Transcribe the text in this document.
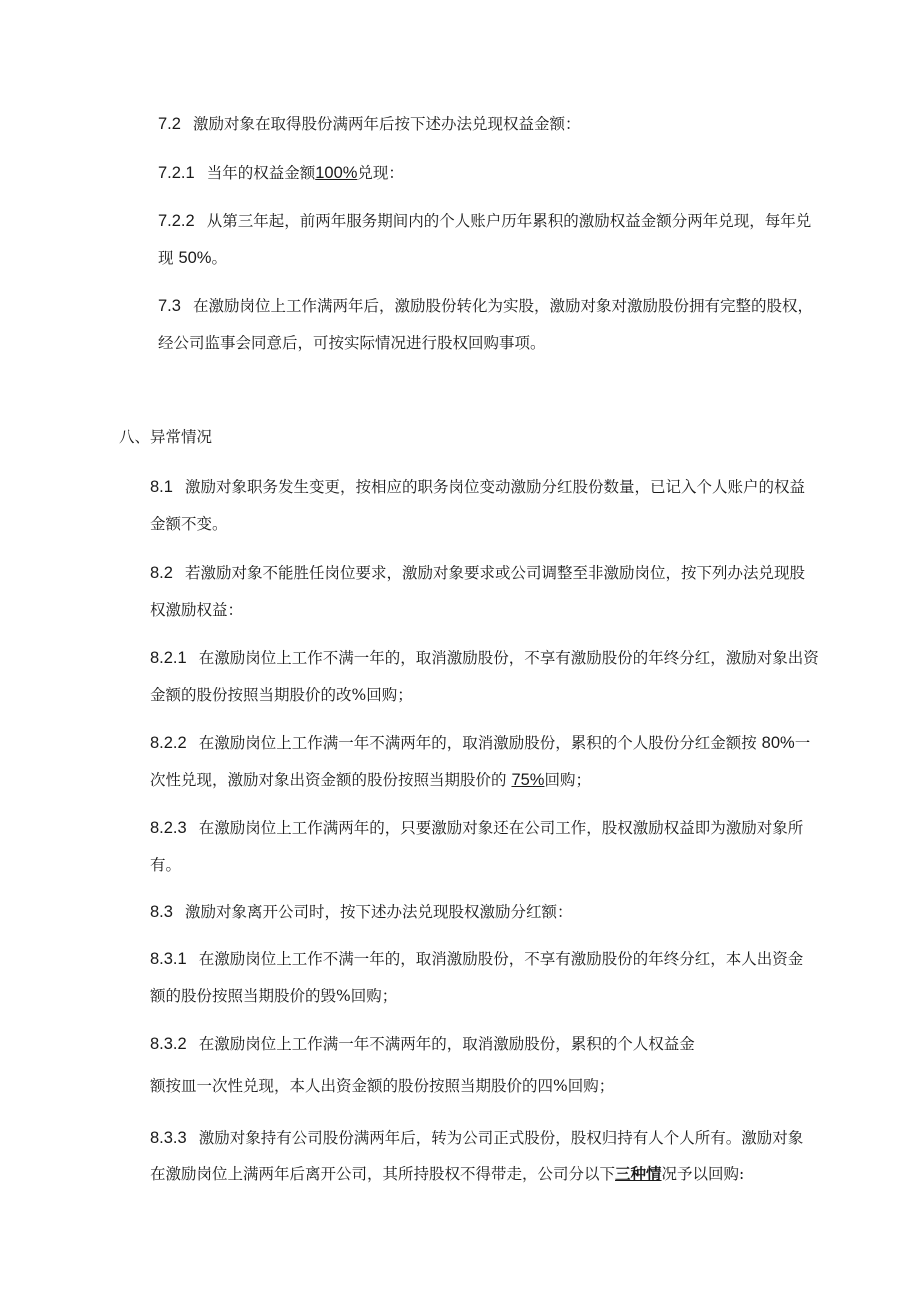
7.2 激励对象在取得股份满两年后按下述办法兑现权益金额：

7.2.1 当年的权益金额100%兑现：

7.2.2 从第三年起，前两年服务期间内的个人账户历年累积的激励权益金额分两年兑现，每年兑

现 50%。

7.3 在激励岗位上工作满两年后，激励股份转化为实股，激励对象对激励股份拥有完整的股权，

经公司监事会同意后，可按实际情况进行股权回购事项。

八、异常情况

8.1 激励对象职务发生变更，按相应的职务岗位变动激励分红股份数量，已记入个人账户的权益

金额不变。

8.2 若激励对象不能胜任岗位要求，激励对象要求或公司调整至非激励岗位，按下列办法兑现股

权激励权益：

8.2.1 在激励岗位上工作不满一年的，取消激励股份，不享有激励股份的年终分红，激励对象出资

金额的股份按照当期股价的改%回购；

8.2.2 在激励岗位上工作满一年不满两年的，取消激励股份，累积的个人股份分红金额按 80%一

次性兑现，激励对象出资金额的股份按照当期股价的 75%回购；

8.2.3 在激励岗位上工作满两年的，只要激励对象还在公司工作，股权激励权益即为激励对象所

有。

8.3 激励对象离开公司时，按下述办法兑现股权激励分红额：

8.3.1 在激励岗位上工作不满一年的，取消激励股份，不享有激励股份的年终分红，本人出资金

额的股份按照当期股价的毁%回购；

8.3.2 在激励岗位上工作满一年不满两年的，取消激励股份，累积的个人权益金

额按皿一次性兑现，本人出资金额的股份按照当期股价的四%回购；

8.3.3 激励对象持有公司股份满两年后，转为公司正式股份，股权归持有人个人所有。激励对象

在激励岗位上满两年后离开公司，其所持股权不得带走，公司分以下三种情况予以回购:
